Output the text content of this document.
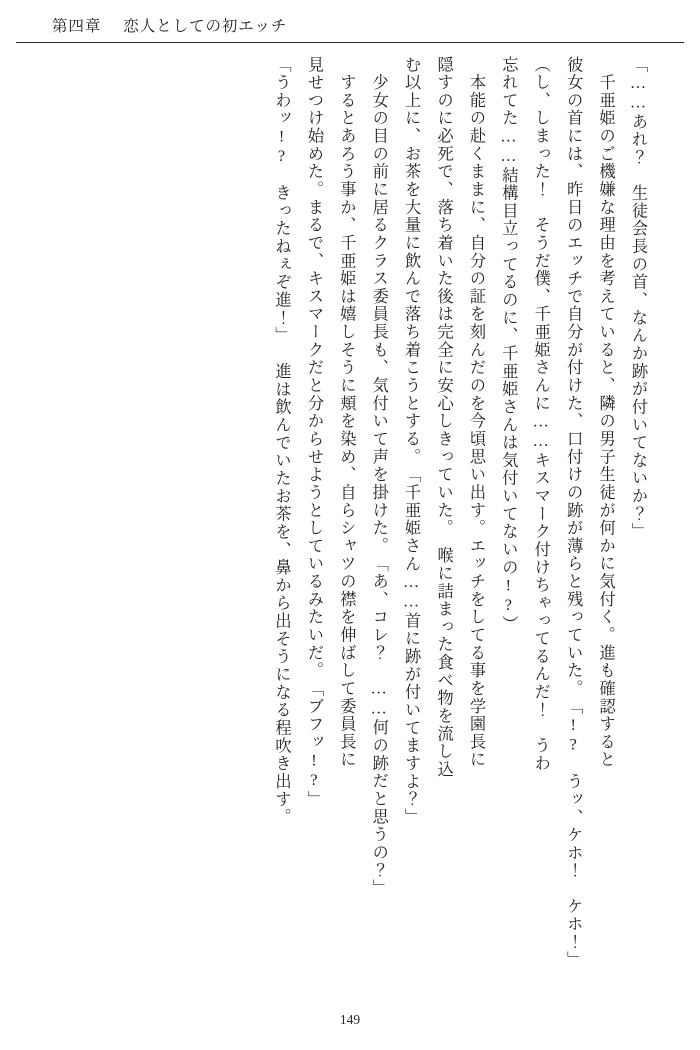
第四章 恋人としての初エッチ

「……あれ？　生徒会長の首、なんか跡が付いてないか？」

　千亜姫のご機嫌な理由を考えていると、隣の男子生徒が何かに気付く。進も確認すると

彼女の首には、昨日のエッチで自分が付けた、口付けの跡が薄らと残っていた。

「!?　うッ、ケホ！　ケホ！」

（し、しまった！　そうだ僕、千亜姫さんに……キスマーク付けちゃってるんだ！　うわ

忘れてた……結構目立ってるのに、千亜姫さんは気付いてないの!?）

　本能の赴くままに、自分の証を刻んだのを今頃思い出す。エッチをしてる事を学園長に

隠すのに必死で、落ち着いた後は完全に安心しきっていた。　喉に詰まった食べ物を流し込

む以上に、お茶を大量に飲んで落ち着こうとする。

「千亜姫さん……首に跡が付いてますよ？」

　少女の目の前に居るクラス委員長も、気付いて声を掛けた。

「あ、コレ？　……何の跡だと思うの？」

　するとあろう事か、千亜姫は嬉しそうに頬を染め、自らシャツの襟を伸ばして委員長に

見せつけ始めた。まるで、キスマークだと分からせようとしているみたいだ。

「ブフッ!?」

「うわッ!?　きったねぇぞ進！」

　進は飲んでいたお茶を、鼻から出そうになる程吹き出す。

149
